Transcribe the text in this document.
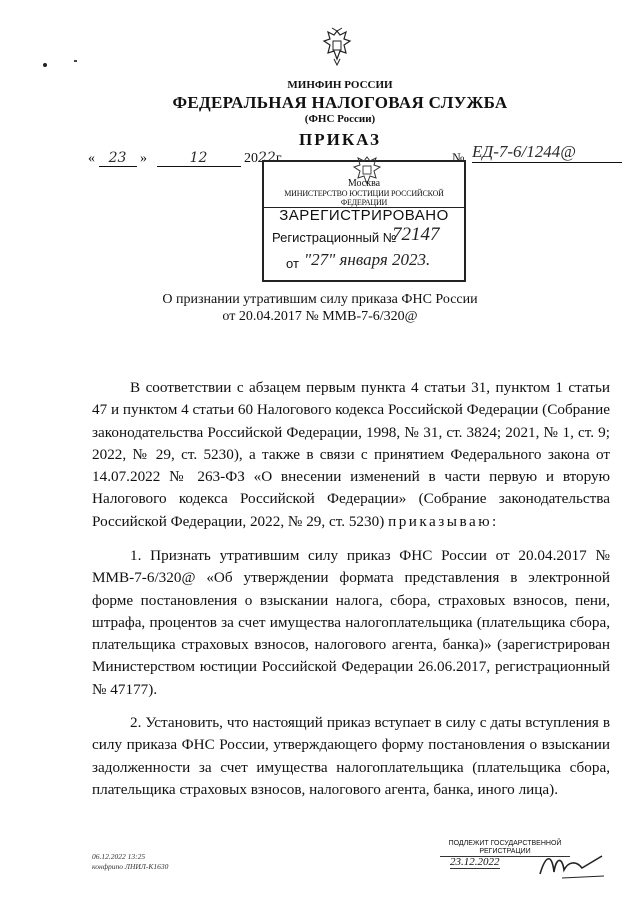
МИНФИН РОССИИ
ФЕДЕРАЛЬНАЯ НАЛОГОВАЯ СЛУЖБА
(ФНС России)
ПРИКАЗ
« 23 »	12	2022г.	№ ЕД-7-6/1244@
Москва
МИНИСТЕРСТВО ЮСТИЦИИ РОССИЙСКОЙ ФЕДЕРАЦИИ
ЗАРЕГИСТРИРОВАНО
Регистрационный №
72147
от "27" января 2023.
О признании утратившим силу приказа ФНС России
от 20.04.2017 № ММВ-7-6/320@

В соответствии с абзацем первым пункта 4 статьи 31, пунктом 1 статьи 47 и пунктом 4 статьи 60 Налогового кодекса Российской Федерации (Собрание законодательства Российской Федерации, 1998, № 31, ст. 3824; 2021, № 1, ст. 9; 2022, № 29, ст. 5230), а также в связи с принятием Федерального закона от 14.07.2022 № 263-ФЗ «О внесении изменений в части первую и вторую Налогового кодекса Российской Федерации» (Собрание законодательства Российской Федерации, 2022, № 29, ст. 5230) приказываю:

1. Признать утратившим силу приказ ФНС России от 20.04.2017 № ММВ-7-6/320@ «Об утверждении формата представления в электронной форме постановления о взыскании налога, сбора, страховых взносов, пени, штрафа, процентов за счет имущества налогоплательщика (плательщика сбора, плательщика страховых взносов, налогового агента, банка)» (зарегистрирован Министерством юстиции Российской Федерации 26.06.2017, регистрационный № 47177).

2. Установить, что настоящий приказ вступает в силу с даты вступления в силу приказа ФНС России, утверждающего форму постановления о взыскании задолженности за счет имущества налогоплательщика (плательщика сбора, плательщика страховых взносов, налогового агента, банка, иного лица).

06.12.2022 13:25
конфрипо ЛНИЛ-К1630
ПОДЛЕЖИТ ГОСУДАРСТВЕННОЙ РЕГИСТРАЦИИ
23.12.2022
